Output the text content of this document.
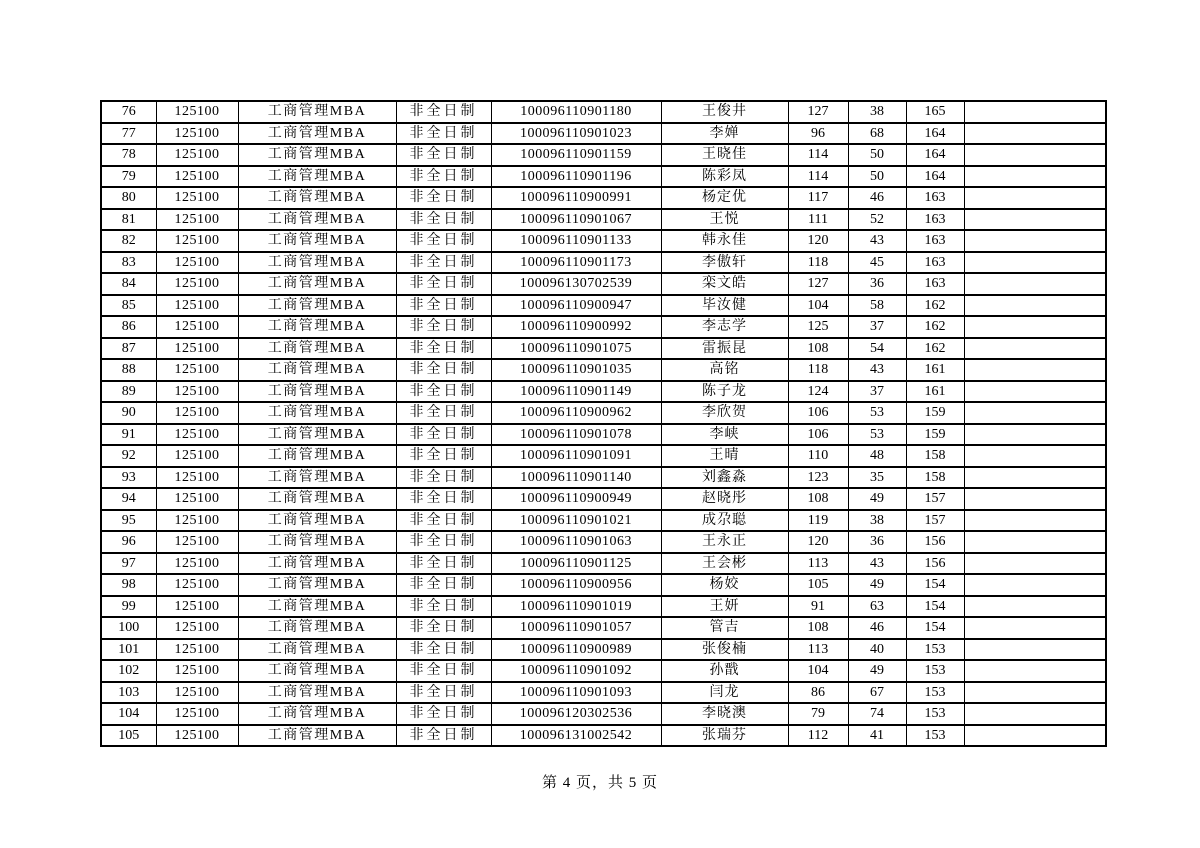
76	125100	工商管理MBA	非全日制	100096110901180	王俊井	127	38	165	
77	125100	工商管理MBA	非全日制	100096110901023	李婵	96	68	164	
78	125100	工商管理MBA	非全日制	100096110901159	王晓佳	114	50	164	
79	125100	工商管理MBA	非全日制	100096110901196	陈彩凤	114	50	164	
80	125100	工商管理MBA	非全日制	100096110900991	杨定优	117	46	163	
81	125100	工商管理MBA	非全日制	100096110901067	王悦	111	52	163	
82	125100	工商管理MBA	非全日制	100096110901133	韩永佳	120	43	163	
83	125100	工商管理MBA	非全日制	100096110901173	李傲轩	118	45	163	
84	125100	工商管理MBA	非全日制	100096130702539	栾文皓	127	36	163	
85	125100	工商管理MBA	非全日制	100096110900947	毕汝健	104	58	162	
86	125100	工商管理MBA	非全日制	100096110900992	李志学	125	37	162	
87	125100	工商管理MBA	非全日制	100096110901075	雷振昆	108	54	162	
88	125100	工商管理MBA	非全日制	100096110901035	高铭	118	43	161	
89	125100	工商管理MBA	非全日制	100096110901149	陈子龙	124	37	161	
90	125100	工商管理MBA	非全日制	100096110900962	李欣贺	106	53	159	
91	125100	工商管理MBA	非全日制	100096110901078	李峡	106	53	159	
92	125100	工商管理MBA	非全日制	100096110901091	王晴	110	48	158	
93	125100	工商管理MBA	非全日制	100096110901140	刘鑫淼	123	35	158	
94	125100	工商管理MBA	非全日制	100096110900949	赵晓彤	108	49	157	
95	125100	工商管理MBA	非全日制	100096110901021	成尕聪	119	38	157	
96	125100	工商管理MBA	非全日制	100096110901063	王永正	120	36	156	
97	125100	工商管理MBA	非全日制	100096110901125	王会彬	113	43	156	
98	125100	工商管理MBA	非全日制	100096110900956	杨姣	105	49	154	
99	125100	工商管理MBA	非全日制	100096110901019	王妍	91	63	154	
100	125100	工商管理MBA	非全日制	100096110901057	管吉	108	46	154	
101	125100	工商管理MBA	非全日制	100096110900989	张俊楠	113	40	153	
102	125100	工商管理MBA	非全日制	100096110901092	孙戬	104	49	153	
103	125100	工商管理MBA	非全日制	100096110901093	闫龙	86	67	153	
104	125100	工商管理MBA	非全日制	100096120302536	李晓澳	79	74	153	
105	125100	工商管理MBA	非全日制	100096131002542	张瑞芬	112	41	153	
第 4 页，共 5 页
